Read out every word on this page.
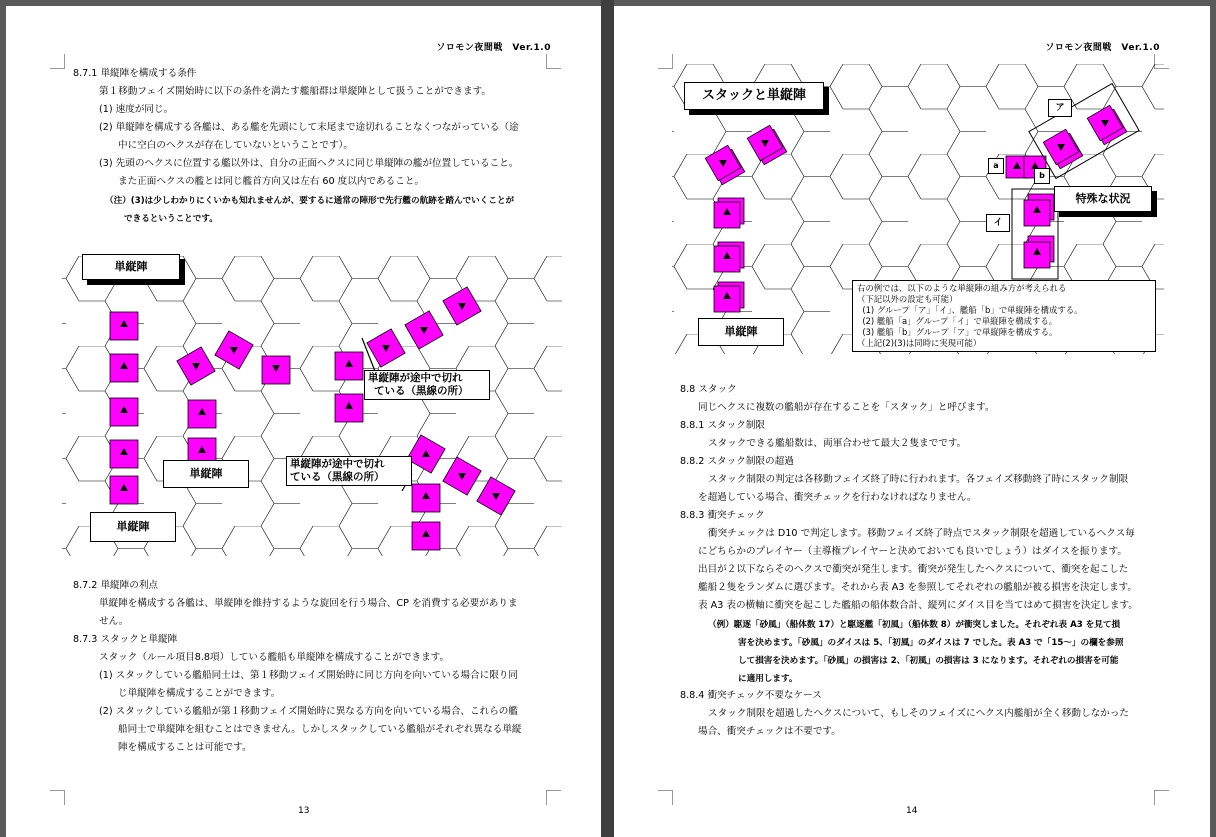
ソロモン夜間戦　Ver.1.0
8.7.1 単縦陣を構成する条件
第１移動フェイズ開始時に以下の条件を満たす艦船群は単縦陣として扱うことができます。
(1) 速度が同じ。
(2) 単縦陣を構成する各艦は、ある艦を先頭にして末尾まで途切れることなくつながっている（途
中に空白のヘクスが存在していないということです）。
(3) 先頭のヘクスに位置する艦以外は、自分の正面ヘクスに同じ単縦陣の艦が位置していること。
また正面ヘクスの艦とは同じ艦首方向又は左右 60 度以内であること。
（注）(3)は少しわかりにくいかも知れませんが、要するに通常の陣形で先行艦の航跡を踏んでいくことが
できるということです。
単縦陣
単縦陣が途中で切れ
ている（黒線の所）
単縦陣が途中で切れ
ている（黒線の所）
単縦陣
単縦陣
8.7.2 単縦陣の利点
単縦陣を構成する各艦は、単縦陣を維持するような旋回を行う場合、CP を消費する必要がありま
せん。
8.7.3 スタックと単縦陣
スタック（ルール項目8.8項）している艦船も単縦陣を構成することができます。
(1) スタックしている艦船同士は、第１移動フェイズ開始時に同じ方向を向いている場合に限り同
じ単縦陣を構成することができます。
(2) スタックしている艦船が第１移動フェイズ開始時に異なる方向を向いている場合、これらの艦
船同士で単縦陣を組むことはできません。しかしスタックしている艦船がそれぞれ異なる単縦
陣を構成することは可能です。
13
ソロモン夜間戦　Ver.1.0
スタックと単縦陣
ア
a
b
イ
特殊な状況
単縦陣
右の例では、以下のような単縦陣の組み方が考えられる
（下記以外の設定も可能）
(1) グループ「ア」「イ」、艦船「b」で単縦陣を構成する。
(2) 艦船「a」グループ「イ」で単縦陣を構成する。
(3) 艦船「b」グループ「ア」で単縦陣を構成する。
（上記(2)(3)は同時に実現可能）
8.8 スタック
同じヘクスに複数の艦船が存在することを「スタック」と呼びます。
8.8.1 スタック制限
スタックできる艦船数は、両軍合わせて最大２隻までです。
8.8.2 スタック制限の超過
スタック制限の判定は各移動フェイズ終了時に行われます。各フェイズ移動終了時にスタック制限
を超過している場合、衝突チェックを行わなければなりません。
8.8.3 衝突チェック
衝突チェックは D10 で判定します。移動フェイズ終了時点でスタック制限を超過しているヘクス毎
にどちらかのプレイヤー（主導権プレイヤーと決めておいても良いでしょう）はダイスを振ります。
出目が２以下ならそのヘクスで衝突が発生します。衝突が発生したヘクスについて、衝突を起こした
艦船２隻をランダムに選びます。それから表 A3 を参照してそれぞれの艦船が被る損害を決定します。
表 A3 表の横軸に衝突を起こした艦船の船体数合計、縦列にダイス目を当てはめて損害を決定します。
（例）駆逐「砂風」（船体数 17）と駆逐艦「初風」（船体数 8）が衝突しました。それぞれ表 A3 を見て損
害を決めます。「砂風」のダイスは 5、「初風」のダイスは 7 でした。表 A3 で「15～」の欄を参照
して損害を決めます。「砂風」の損害は 2、「初風」の損害は 3 になります。それぞれの損害を可能
に適用します。
8.8.4 衝突チェック不要なケース
スタック制限を超過したヘクスについて、もしそのフェイズにヘクス内艦船が全く移動しなかった
場合、衝突チェックは不要です。
14
